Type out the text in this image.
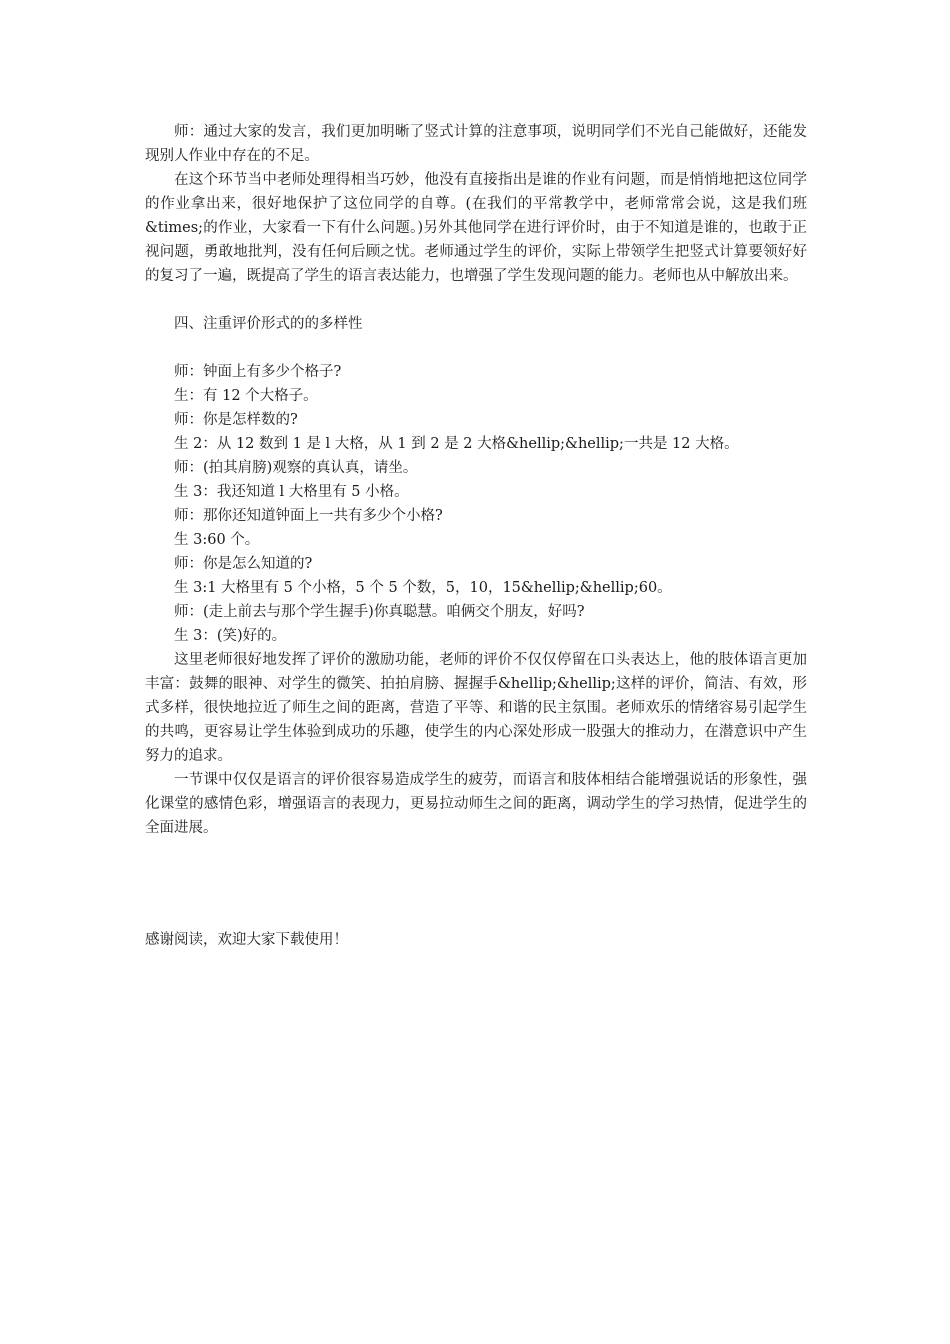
师：通过大家的发言，我们更加明晰了竖式计算的注意事项，说明同学们不光自己能做好，还能发现别人作业中存在的不足。

在这个环节当中老师处理得相当巧妙，他没有直接指出是谁的作业有问题，而是悄悄地把这位同学的作业拿出来，很好地保护了这位同学的自尊。(在我们的平常教学中，老师常常会说，这是我们班&times;的作业，大家看一下有什么问题。)另外其他同学在进行评价时，由于不知道是谁的，也敢于正视问题，勇敢地批判，没有任何后顾之忧。老师通过学生的评价，实际上带领学生把竖式计算要领好好的复习了一遍，既提高了学生的语言表达能力，也增强了学生发现问题的能力。老师也从中解放出来。

四、注重评价形式的的多样性

师：钟面上有多少个格子?

生：有 12 个大格子。

师：你是怎样数的?

生 2：从 12 数到 1 是 l 大格，从 1 到 2 是 2 大格&hellip;&hellip;一共是 12 大格。

师：(拍其肩膀)观察的真认真，请坐。

生 3：我还知道 l 大格里有 5 小格。

师：那你还知道钟面上一共有多少个小格?

生 3:60 个。

师：你是怎么知道的?

生 3:1 大格里有 5 个小格，5 个 5 个数，5，10，15&hellip;&hellip;60。

师：(走上前去与那个学生握手)你真聪慧。咱俩交个朋友，好吗?

生 3：(笑)好的。

这里老师很好地发挥了评价的激励功能，老师的评价不仅仅停留在口头表达上，他的肢体语言更加丰富：鼓舞的眼神、对学生的微笑、拍拍肩膀、握握手&hellip;&hellip;这样的评价，简洁、有效，形式多样，很快地拉近了师生之间的距离，营造了平等、和谐的民主氛围。老师欢乐的情绪容易引起学生的共鸣，更容易让学生体验到成功的乐趣，使学生的内心深处形成一股强大的推动力，在潜意识中产生努力的追求。

一节课中仅仅是语言的评价很容易造成学生的疲劳，而语言和肢体相结合能增强说话的形象性，强化课堂的感情色彩，增强语言的表现力，更易拉动师生之间的距离，调动学生的学习热情，促进学生的全面进展。

感谢阅读，欢迎大家下载使用！
